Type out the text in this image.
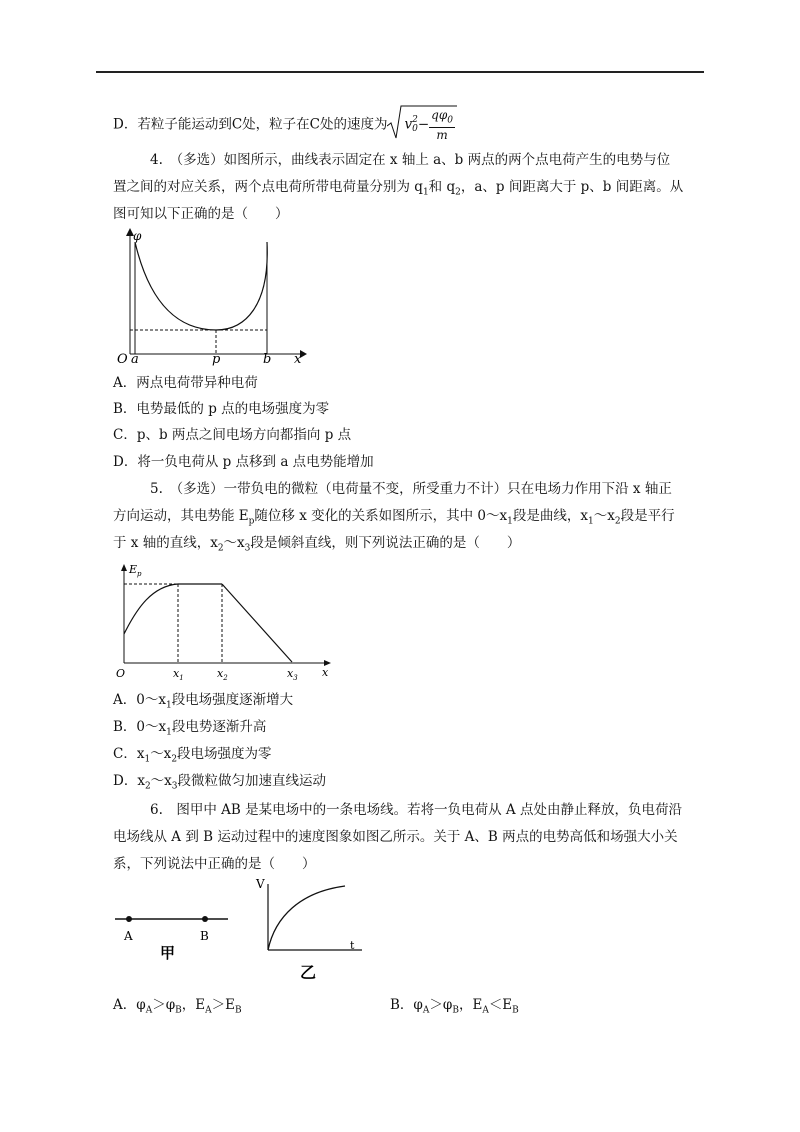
D．若粒子能运动到C处，粒子在C处的速度为 v 2
$0 - \frac{q\varphi_0}{m}$
4.　（多选）如图所示，曲线表示固定在 x 轴上 a、b 两点的两个点电荷产生的电势与位
置之间的对应关系，两个点电荷所带电荷量分别为 $q_1$和 $q_2$，a、p 间距离大于 p、b 间距离。从
图可知以下正确的是（　　）
φ
O a	p	b x
A．两点电荷带异种电荷
B．电势最低的 p 点的电场强度为零
C．p、b 两点之间电场方向都指向 p 点
D．将一负电荷从 p 点移到 a 点电势能增加
5.　（多选）一带负电的微粒（电荷量不变，所受重力不计）只在电场力作用下沿 x 轴正
方向运动，其电势能 $E_p$随位移 x 变化的关系如图所示，其中 $0\sim x_1$段是曲线，$x_1\sim x_2$段是平行
于 x 轴的直线，$x_2\sim x_3$段是倾斜直线，则下列说法正确的是（　　）
$E_p$
O	$x_1$	$x_2$	$x_3$ x
A．$0\sim x_1$段电场强度逐渐增大
B．$0\sim x_1$段电势逐渐升高
C．$x_1\sim x_2$段电场强度为零
D．$x_2\sim x_3$段微粒做匀加速直线运动
6.　图甲中 AB 是某电场中的一条电场线。若将一负电荷从 A 点处由静止释放，负电荷沿
电场线从 A 到 B 运动过程中的速度图象如图乙所示。关于 A、B 两点的电势高低和场强大小关
系，下列说法中正确的是（　　）
A	B
甲
V
t
乙
A．$\varphi_A>\varphi_B$，$E_A>E_B$	B．$\varphi_A>\varphi_B$，$E_A<E_B$
